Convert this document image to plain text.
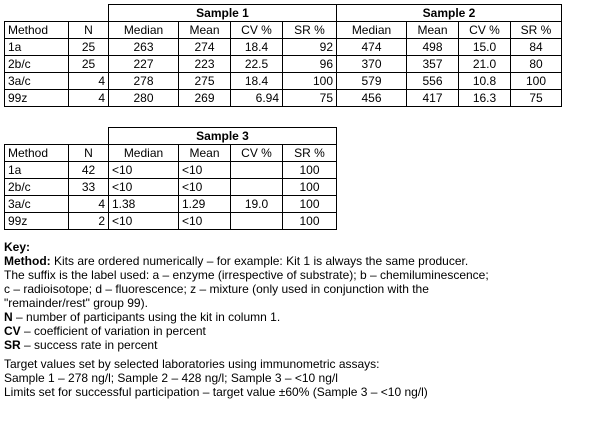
		Sample 1				Sample 2			
Method	N	Median	Mean	CV %	SR %	Median	Mean	CV %	SR %
1a	25	263	274	18.4	92	474	498	15.0	84
2b/c	25	227	223	22.5	96	370	357	21.0	80
3a/c	4	278	275	18.4	100	579	556	10.8	100
99z	4	280	269	6.94	75	456	417	16.3	75
		Sample 3			
Method	N	Median	Mean	CV %	SR %
1a	42	<10	<10		100
2b/c	33	<10	<10		100
3a/c	4	1.38	1.29	19.0	100
99z	2	<10	<10		100

Key:

Method: Kits are ordered numerically – for example: Kit 1 is always the same producer.

The suffix is the label used: a – enzyme (irrespective of substrate); b – chemiluminescence;

c – radioisotope; d – fluorescence; z – mixture (only used in conjunction with the

"remainder/rest" group 99).

N – number of participants using the kit in column 1.

CV – coefficient of variation in percent

SR – success rate in percent

Target values set by selected laboratories using immunometric assays:

Sample 1 – 278 ng/l; Sample 2 – 428 ng/l; Sample 3 – <10 ng/l

Limits set for successful participation – target value ±60% (Sample 3 – <10 ng/l)
